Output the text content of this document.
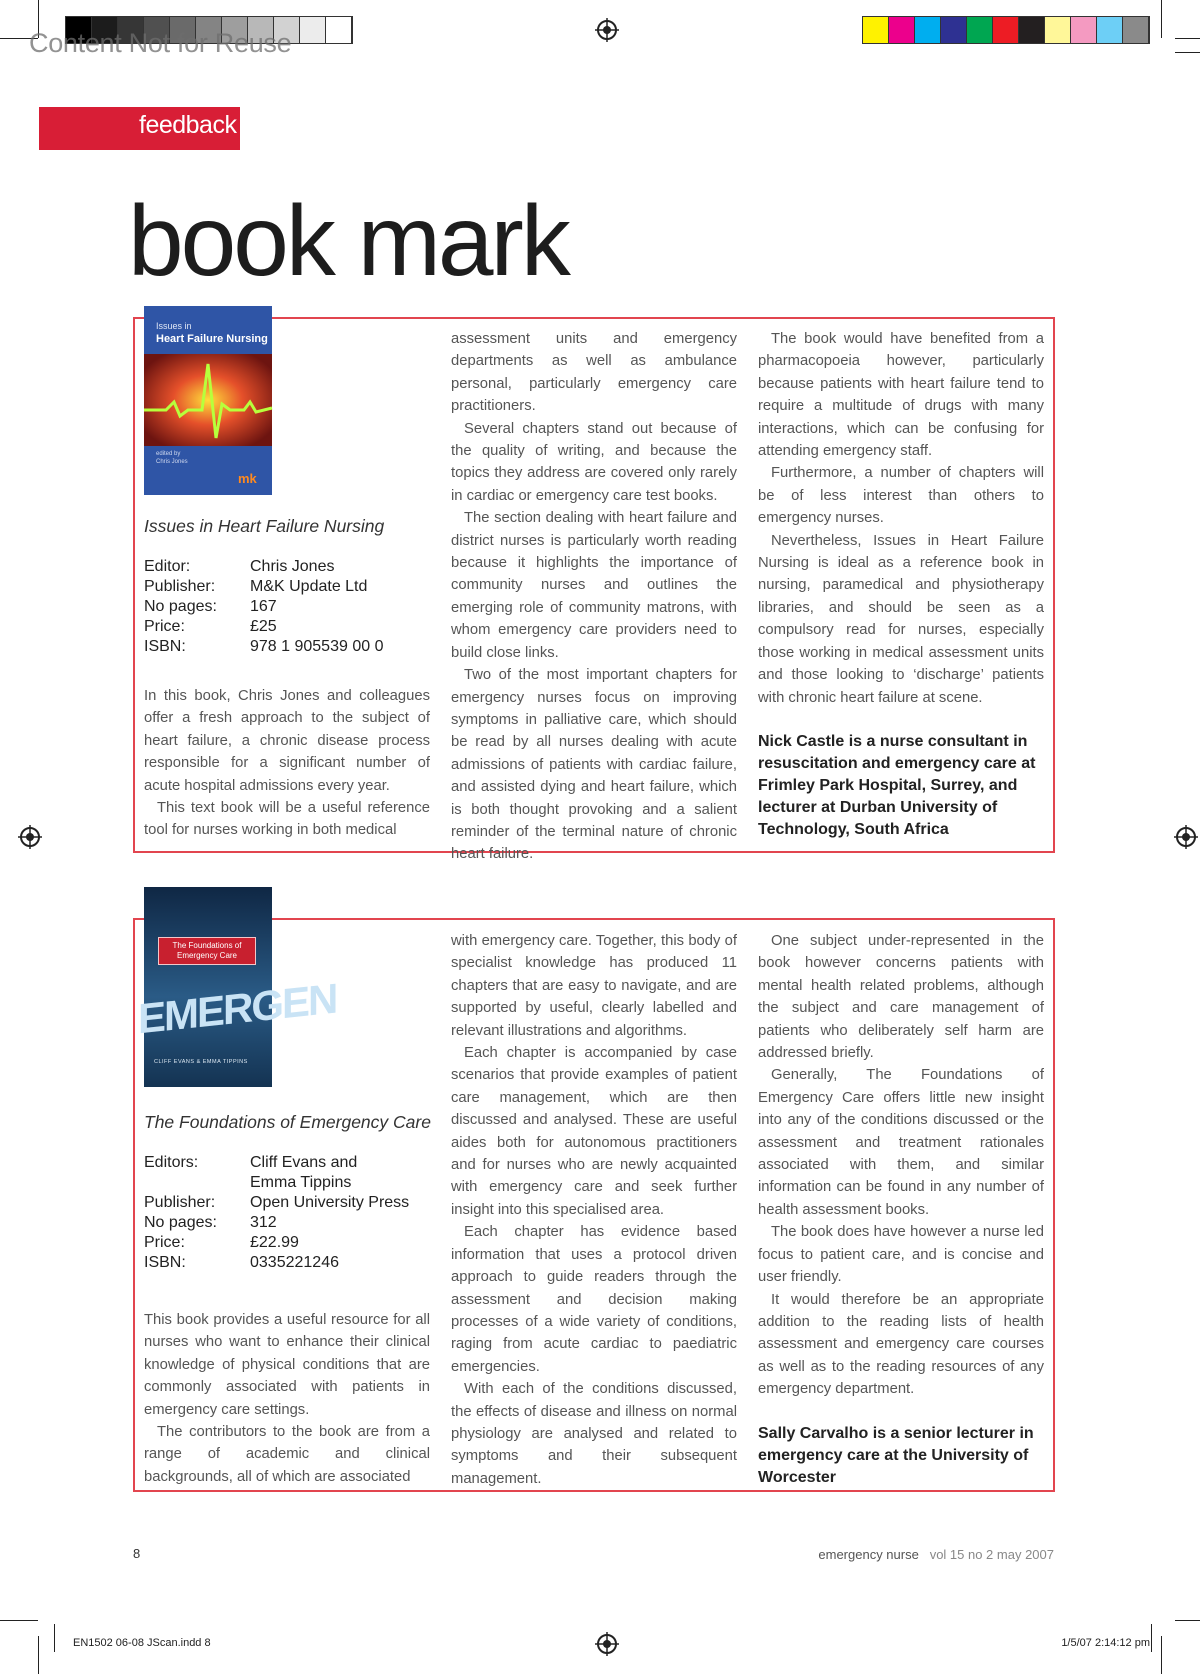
Content Not for Reuse
feedback
book mark
Issues in
Heart Failure Nursing
edited by
Chris Jones
mk
Issues in Heart Failure Nursing
Editor:	Chris Jones
Publisher:	M&K Update Ltd
No pages:	167
Price:	£25
ISBN:	978 1 905539 00 0

In this book, Chris Jones and colleagues offer a fresh approach to the subject of heart failure, a chronic disease process responsible for a significant number of acute hospital admissions every year.

This text book will be a useful reference tool for nurses working in both medical

assessment units and emergency departments as well as ambulance personal, particularly emergency care practitioners.

Several chapters stand out because of the quality of writing, and because the topics they address are covered only rarely in cardiac or emergency care test books.

The section dealing with heart failure and district nurses is particularly worth reading because it highlights the importance of community nurses and outlines the emerging role of community matrons, with whom emergency care providers need to build close links.

Two of the most important chapters for emergency nurses focus on improving symptoms in palliative care, which should be read by all nurses dealing with acute admissions of patients with cardiac failure, and assisted dying and heart failure, which is both thought provoking and a salient reminder of the terminal nature of chronic heart failure.

The book would have benefited from a pharmacopoeia however, particularly because patients with heart failure tend to require a multitude of drugs with many interactions, which can be confusing for attending emergency staff.

Furthermore, a number of chapters will be of less interest than others to emergency nurses.

Nevertheless, Issues in Heart Failure Nursing is ideal as a reference book in nursing, paramedical and physiotherapy libraries, and should be seen as a compulsory read for nurses, especially those working in medical assessment units and those looking to ‘discharge’ patients with chronic heart failure at scene.

Nick Castle is a nurse consultant in resuscitation and emergency care at Frimley Park Hospital, Surrey, and lecturer at Durban University of Technology, South Africa

The Foundations of Emergency Care
EMERGEN
CLIFF EVANS & EMMA TIPPINS
The Foundations of Emergency Care
Editors:	Cliff Evans and Emma Tippins
Publisher:	Open University Press
No pages:	312
Price:	£22.99
ISBN:	0335221246

This book provides a useful resource for all nurses who want to enhance their clinical knowledge of physical conditions that are commonly associated with patients in emergency care settings.

The contributors to the book are from a range of academic and clinical backgrounds, all of which are associated

with emergency care. Together, this body of specialist knowledge has produced 11 chapters that are easy to navigate, and are supported by useful, clearly labelled and relevant illustrations and algorithms.

Each chapter is accompanied by case scenarios that provide examples of patient care management, which are then discussed and analysed. These are useful aides both for autonomous practitioners and for nurses who are newly acquainted with emergency care and seek further insight into this specialised area.

Each chapter has evidence based information that uses a protocol driven approach to guide readers through the assessment and decision making processes of a wide variety of conditions, raging from acute cardiac to paediatric emergencies.

With each of the conditions discussed, the effects of disease and illness on normal physiology are analysed and related to symptoms and their subsequent management.

One subject under-represented in the book however concerns patients with mental health related problems, although the subject and care management of patients who deliberately self harm are addressed briefly.

Generally, The Foundations of Emergency Care offers little new insight into any of the conditions discussed or the assessment and treatment rationales associated with them, and similar information can be found in any number of health assessment books.

The book does have however a nurse led focus to patient care, and is concise and user friendly.

It would therefore be an appropriate addition to the reading lists of health assessment and emergency care courses as well as to the reading resources of any emergency department.

Sally Carvalho is a senior lecturer in emergency care at the University of Worcester

8	emergency nurse vol 15 no 2 may 2007
EN1502 06-08 JScan.indd 8	1/5/07 2:14:12 pm
